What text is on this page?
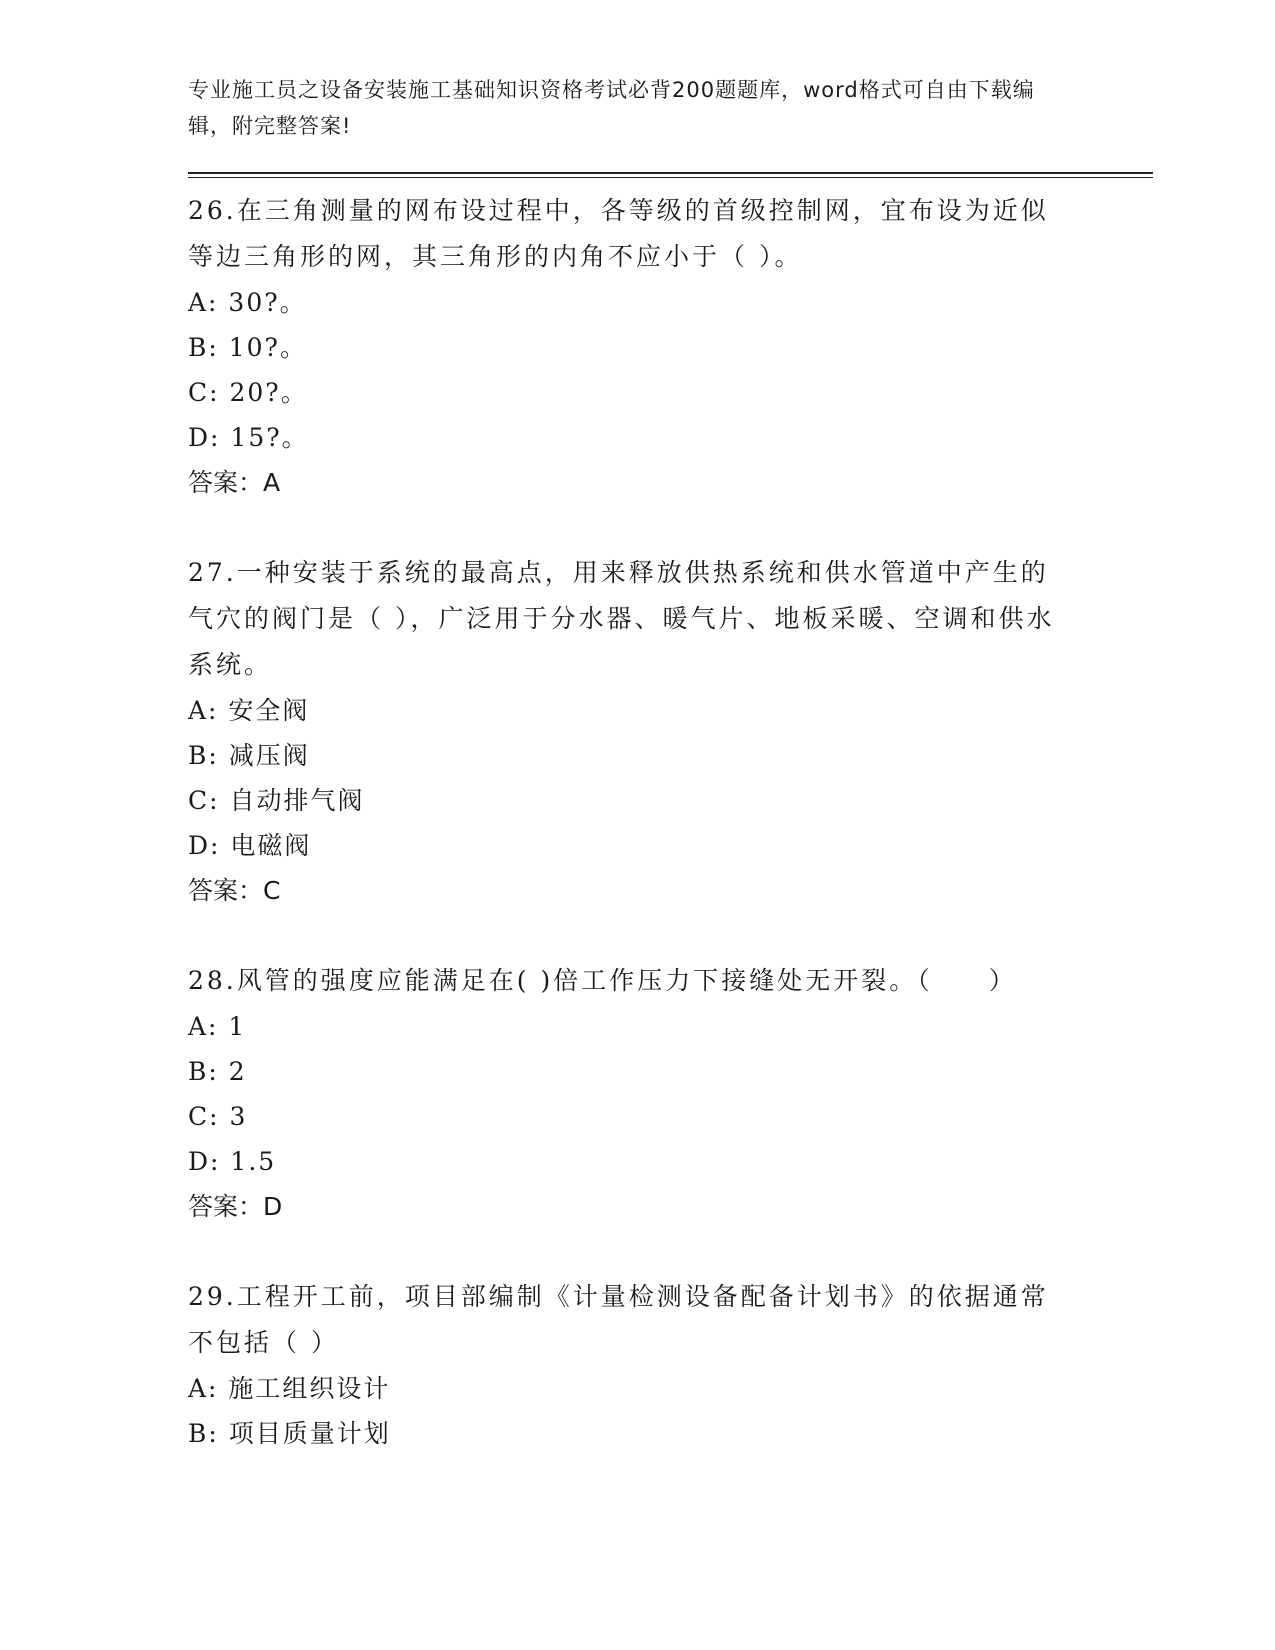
专业施工员之设备安装施工基础知识资格考试必背200题题库，word格式可自由下载编辑，附完整答案!

26.在三角测量的网布设过程中，各等级的首级控制网，宜布设为近似等边三角形的网，其三角形的内角不应小于（ ）。

A: 30?。

B: 10?。

C: 20?。

D: 15?。

答案：A

27.一种安装于系统的最高点，用来释放供热系统和供水管道中产生的气穴的阀门是（ ），广泛用于分水器、暖气片、地板采暖、空调和供水系统。

A: 安全阀

B: 减压阀

C: 自动排气阀

D: 电磁阀

答案：C

28.风管的强度应能满足在( )倍工作压力下接缝处无开裂。（　　）

A: 1

B: 2

C: 3

D: 1.5

答案：D

29.工程开工前，项目部编制《计量检测设备配备计划书》的依据通常不包括（ ）

A: 施工组织设计

B: 项目质量计划
